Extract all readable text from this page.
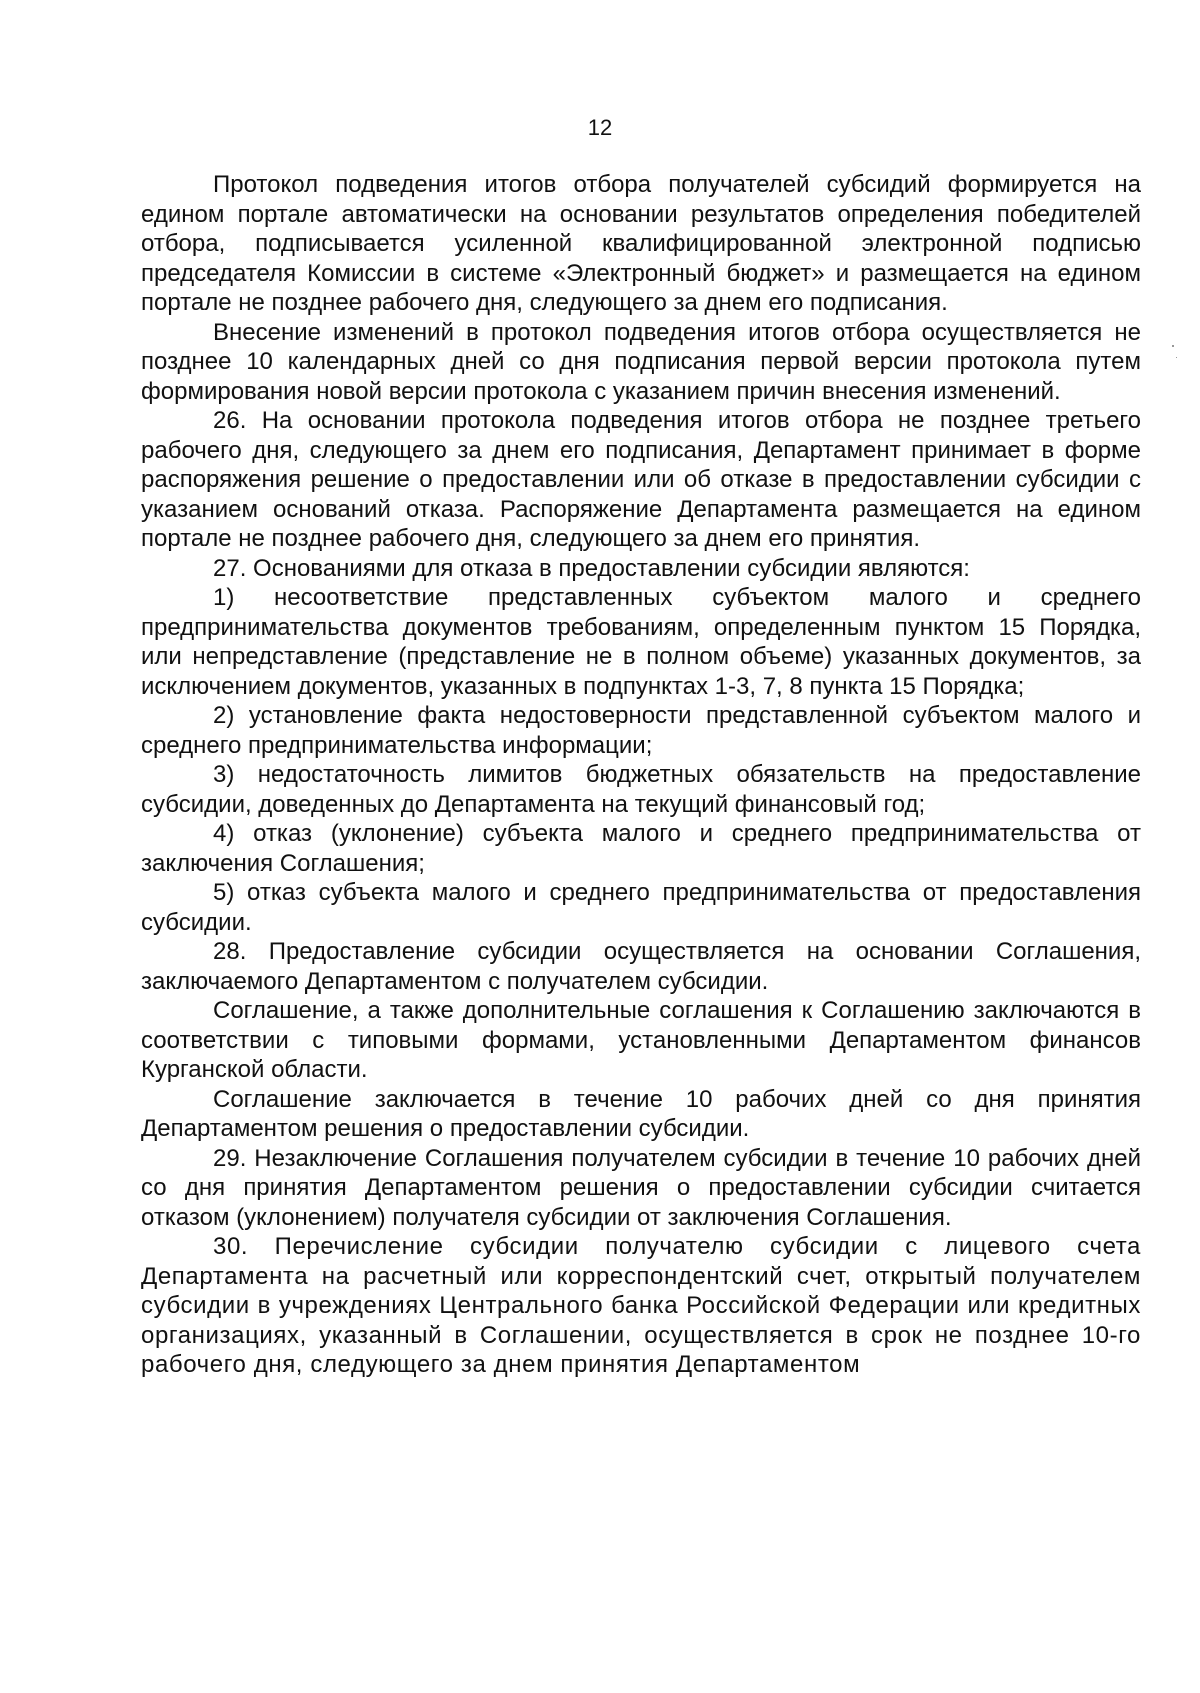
12

Протокол подведения итогов отбора получателей субсидий формируется на едином портале автоматически на основании результатов определения победителей отбора, подписывается усиленной квалифицированной электронной подписью председателя Комиссии в системе «Электронный бюджет» и размещается на едином портале не позднее рабочего дня, следующего за днем его подписания.

Внесение изменений в протокол подведения итогов отбора осуществляется не позднее 10 календарных дней со дня подписания первой версии протокола путем формирования новой версии протокола с указанием причин внесения изменений.

26. На основании протокола подведения итогов отбора не позднее третьего рабочего дня, следующего за днем его подписания, Департамент принимает в форме распоряжения решение о предоставлении или об отказе в предоставлении субсидии с указанием оснований отказа. Распоряжение Департамента размещается на едином портале не позднее рабочего дня, следующего за днем его принятия.

27. Основаниями для отказа в предоставлении субсидии являются:

1) несоответствие представленных субъектом малого и среднего предпринимательства документов требованиям, определенным пунктом 15 Порядка, или непредставление (представление не в полном объеме) указанных документов, за исключением документов, указанных в подпунктах 1-3, 7, 8 пункта 15 Порядка;

2) установление факта недостоверности представленной субъектом малого и среднего предпринимательства информации;

3) недостаточность лимитов бюджетных обязательств на предоставление субсидии, доведенных до Департамента на текущий финансовый год;

4) отказ (уклонение) субъекта малого и среднего предпринимательства от заключения Соглашения;

5) отказ субъекта малого и среднего предпринимательства от предоставления субсидии.

28. Предоставление субсидии осуществляется на основании Соглашения, заключаемого Департаментом с получателем субсидии.

Соглашение, а также дополнительные соглашения к Соглашению заключаются в соответствии с типовыми формами, установленными Департаментом финансов Курганской области.

Соглашение заключается в течение 10 рабочих дней со дня принятия Департаментом решения о предоставлении субсидии.

29. Незаключение Соглашения получателем субсидии в течение 10 рабочих дней со дня принятия Департаментом решения о предоставлении субсидии считается отказом (уклонением) получателя субсидии от заключения Соглашения.

30. Перечисление субсидии получателю субсидии с лицевого счета Департамента на расчетный или корреспондентский счет, открытый получателем субсидии в учреждениях Центрального банка Российской Федерации или кредитных организациях, указанный в Соглашении, осуществляется в срок не позднее 10-го рабочего дня, следующего за днем принятия Департаментом
